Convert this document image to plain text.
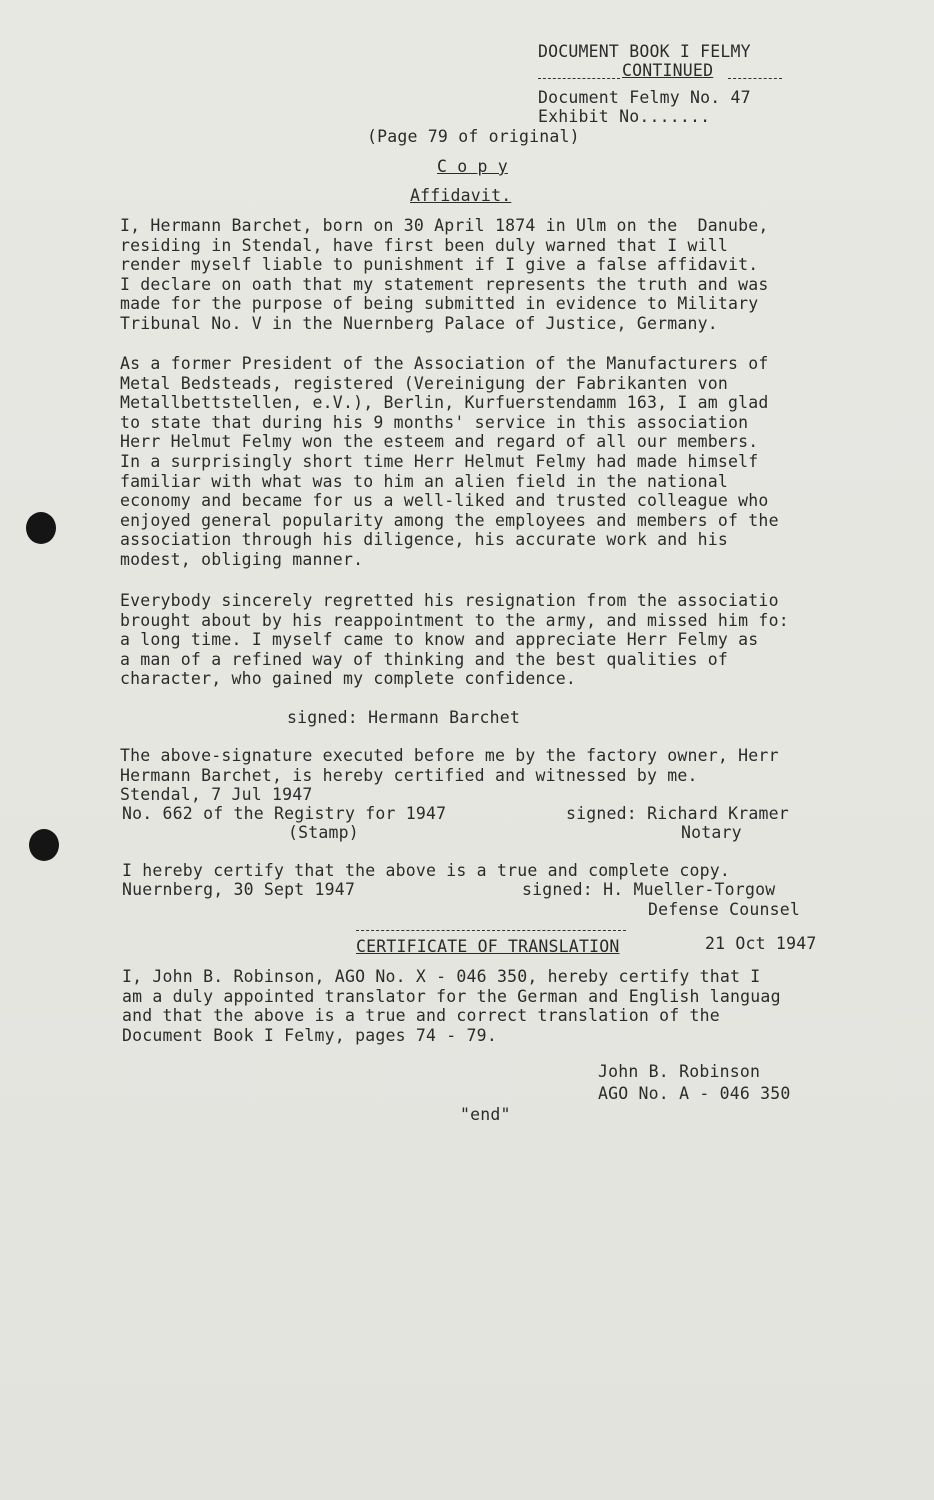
DOCUMENT BOOK I FELMY
CONTINUED
Document Felmy No. 47
Exhibit No.......
(Page 79 of original)
C o p y
Affidavit.
I, Hermann Barchet, born on 30 April 1874 in Ulm on the  Danube,
residing in Stendal, have first been duly warned that I will
render myself liable to punishment if I give a false affidavit.
I declare on oath that my statement represents the truth and was
made for the purpose of being submitted in evidence to Military
Tribunal No. V in the Nuernberg Palace of Justice, Germany.
As a former President of the Association of the Manufacturers of
Metal Bedsteads, registered (Vereinigung der Fabrikanten von
Metallbettstellen, e.V.), Berlin, Kurfuerstendamm 163, I am glad
to state that during his 9 months' service in this association
Herr Helmut Felmy won the esteem and regard of all our members.
In a surprisingly short time Herr Helmut Felmy had made himself
familiar with what was to him an alien field in the national
economy and became for us a well-liked and trusted colleague who
enjoyed general popularity among the employees and members of the
association through his diligence, his accurate work and his
modest, obliging manner.
Everybody sincerely regretted his resignation from the associatio
brought about by his reappointment to the army, and missed him fo:
a long time. I myself came to know and appreciate Herr Felmy as
a man of a refined way of thinking and the best qualities of
character, who gained my complete confidence.
signed: Hermann Barchet
The above-signature executed before me by the factory owner, Herr
Hermann Barchet, is hereby certified and witnessed by me.
Stendal, 7 Jul 1947
No. 662 of the Registry for 1947	signed: Richard Kramer
(Stamp)	Notary
I hereby certify that the above is a true and complete copy.
Nuernberg, 30 Sept 1947	signed: H. Mueller-Torgow
Defense Counsel
CERTIFICATE OF TRANSLATION	21 Oct 1947
I, John B. Robinson, AGO No. X - 046 350, hereby certify that I
am a duly appointed translator for the German and English languag
and that the above is a true and correct translation of the
Document Book I Felmy, pages 74 - 79.
John B. Robinson
AGO No. A - 046 350
"end"
